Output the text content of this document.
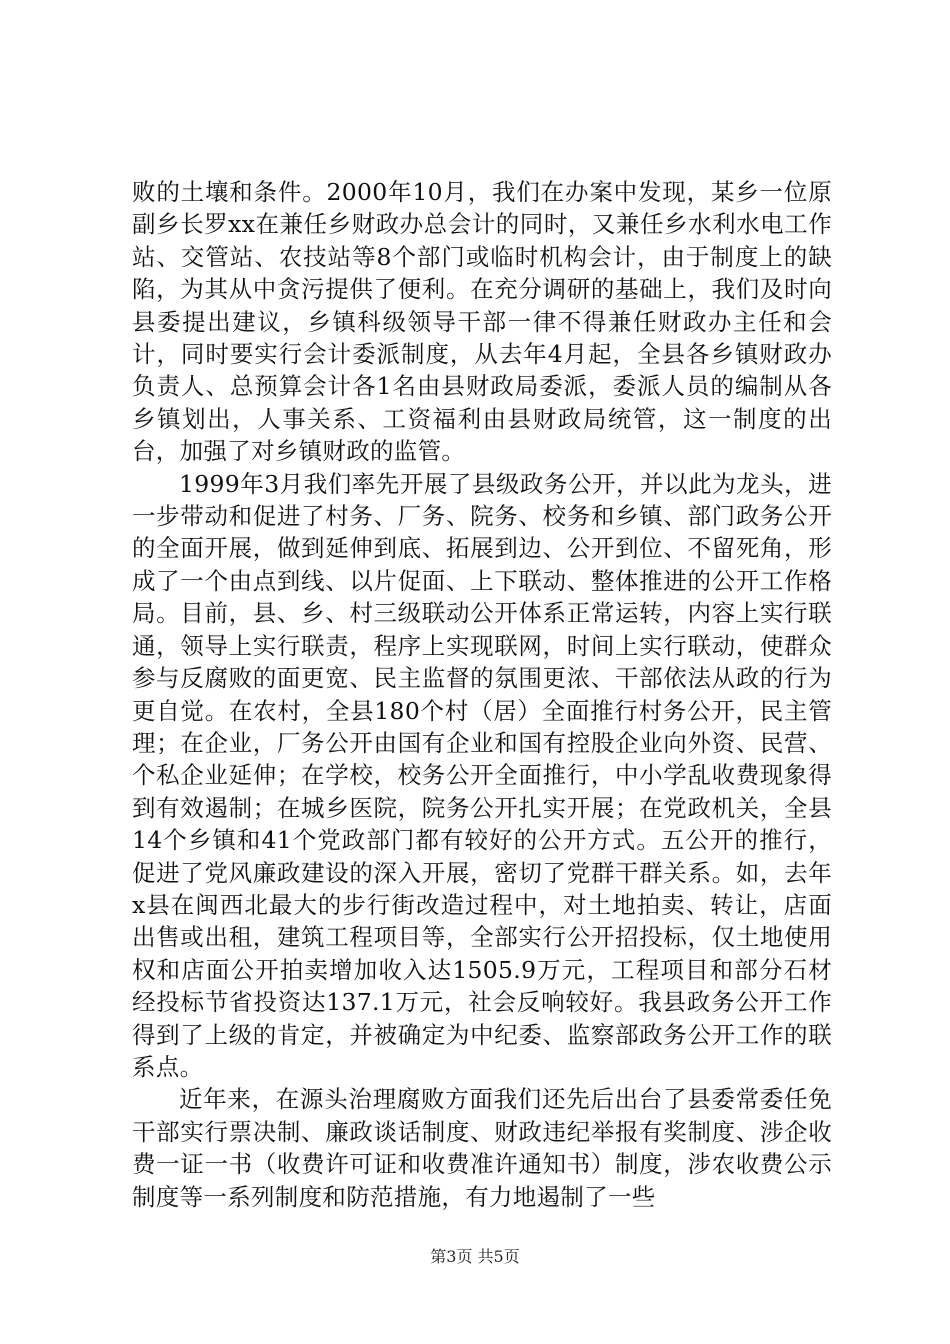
败的土壤和条件。2000年10月，我们在办案中发现，某乡一位原副乡长罗xx在兼任乡财政办总会计的同时，又兼任乡水利水电工作站、交管站、农技站等8个部门或临时机构会计，由于制度上的缺陷，为其从中贪污提供了便利。在充分调研的基础上，我们及时向县委提出建议，乡镇科级领导干部一律不得兼任财政办主任和会计，同时要实行会计委派制度，从去年4月起，全县各乡镇财政办负责人、总预算会计各1名由县财政局委派，委派人员的编制从各乡镇划出，人事关系、工资福利由县财政局统管，这一制度的出台，加强了对乡镇财政的监管。

1999年3月我们率先开展了县级政务公开，并以此为龙头，进一步带动和促进了村务、厂务、院务、校务和乡镇、部门政务公开的全面开展，做到延伸到底、拓展到边、公开到位、不留死角，形成了一个由点到线、以片促面、上下联动、整体推进的公开工作格局。目前，县、乡、村三级联动公开体系正常运转，内容上实行联通，领导上实行联责，程序上实现联网，时间上实行联动，使群众参与反腐败的面更宽、民主监督的氛围更浓、干部依法从政的行为更自觉。在农村，全县180个村（居）全面推行村务公开，民主管理；在企业，厂务公开由国有企业和国有控股企业向外资、民营、个私企业延伸；在学校，校务公开全面推行，中小学乱收费现象得到有效遏制；在城乡医院，院务公开扎实开展；在党政机关，全县14个乡镇和41个党政部门都有较好的公开方式。五公开的推行，促进了党风廉政建设的深入开展，密切了党群干群关系。如，去年x县在闽西北最大的步行街改造过程中，对土地拍卖、转让，店面出售或出租，建筑工程项目等，全部实行公开招投标，仅土地使用权和店面公开拍卖增加收入达1505.9万元，工程项目和部分石材经投标节省投资达137.1万元，社会反响较好。我县政务公开工作得到了上级的肯定，并被确定为中纪委、监察部政务公开工作的联系点。

近年来，在源头治理腐败方面我们还先后出台了县委常委任免干部实行票决制、廉政谈话制度、财政违纪举报有奖制度、涉企收费一证一书（收费许可证和收费准许通知书）制度，涉农收费公示制度等一系列制度和防范措施，有力地遏制了一些

第3页 共5页
